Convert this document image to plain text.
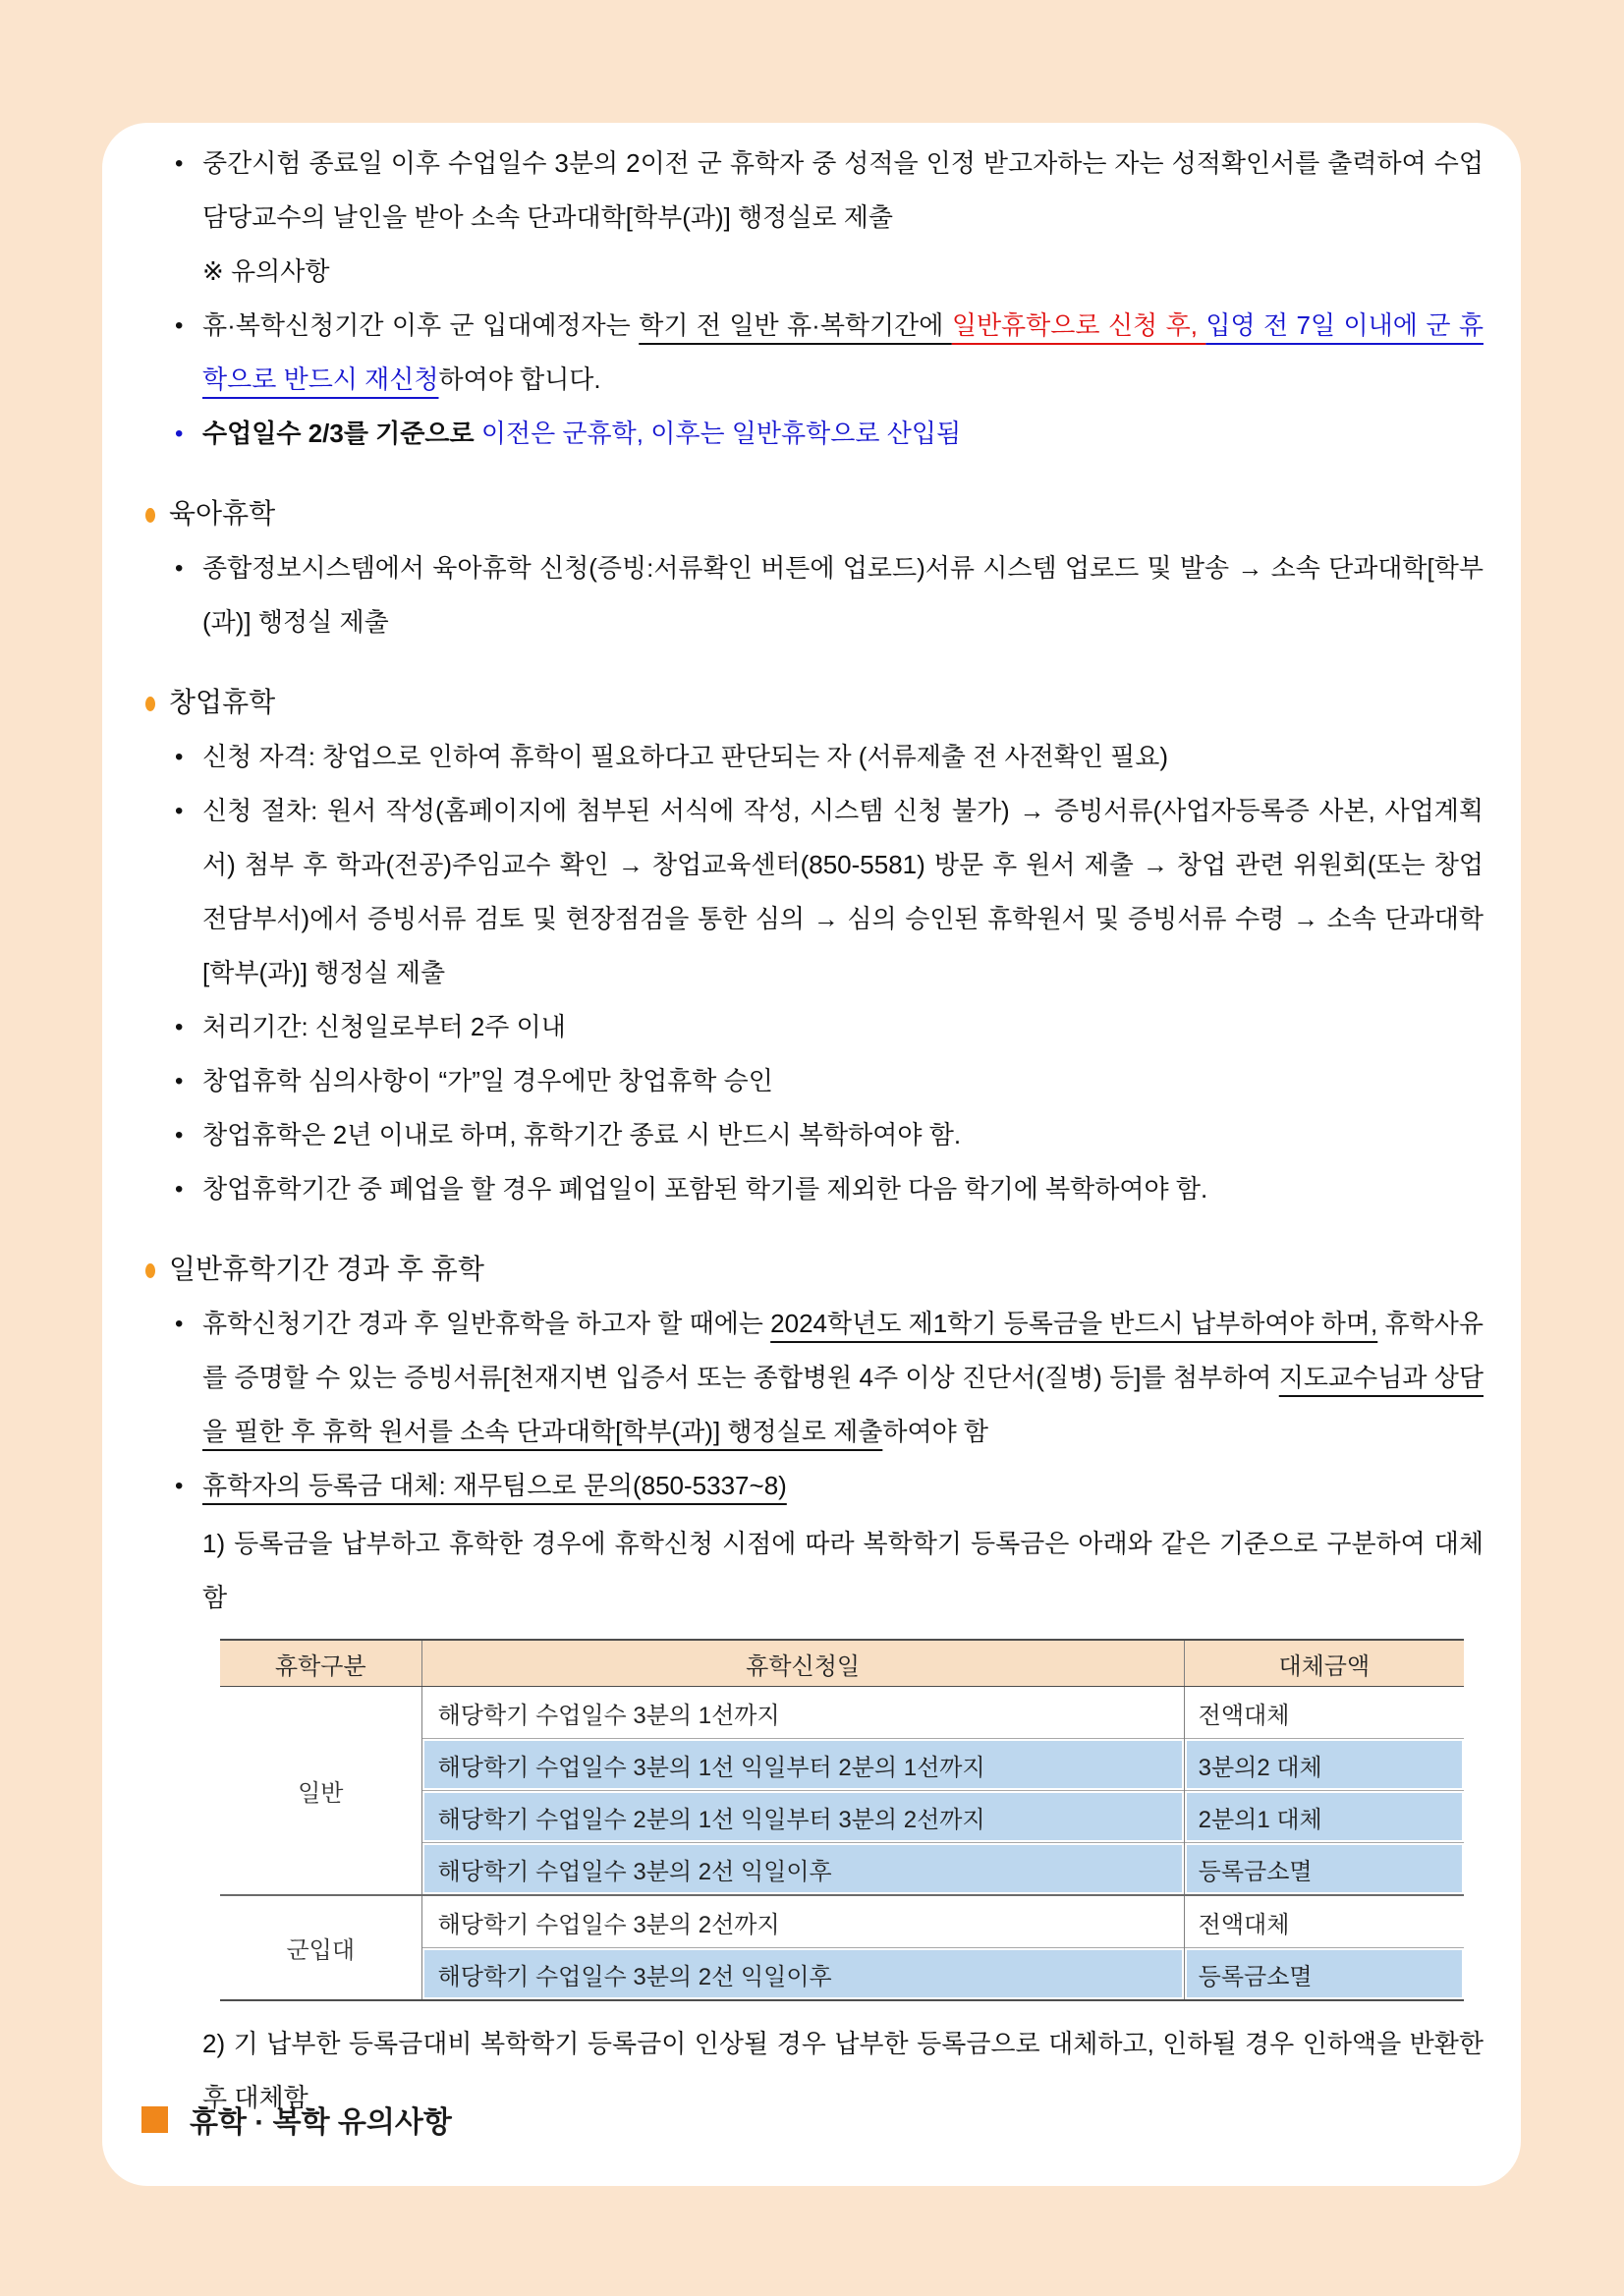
• 중간시험 종료일 이후 수업일수 3분의 2이전 군 휴학자 중 성적을 인정 받고자하는 자는 성적확인서를 출력하여 수업담당교수의 날인을 받아 소속 단과대학[학부(과)] 행정실로 제출
※ 유의사항
• 휴·복학신청기간 이후 군 입대예정자는 학기 전 일반 휴·복학기간에 일반휴학으로 신청 후, 입영 전 7일 이내에 군 휴학으로 반드시 재신청하여야 합니다.
• 수업일수 2/3를 기준으로 이전은 군휴학, 이후는 일반휴학으로 산입됨
육아휴학
• 종합정보시스템에서 육아휴학 신청(증빙:서류확인 버튼에 업로드)서류 시스템 업로드 및 발송 → 소속 단과대학[학부(과)] 행정실 제출
창업휴학
• 신청 자격: 창업으로 인하여 휴학이 필요하다고 판단되는 자 (서류제출 전 사전확인 필요)
• 신청 절차: 원서 작성(홈페이지에 첨부된 서식에 작성, 시스템 신청 불가) → 증빙서류(사업자등록증 사본, 사업계획서) 첨부 후 학과(전공)주임교수 확인 → 창업교육센터(850-5581) 방문 후 원서 제출 → 창업 관련 위원회(또는 창업 전담부서)에서 증빙서류 검토 및 현장점검을 통한 심의 → 심의 승인된 휴학원서 및 증빙서류 수령 → 소속 단과대학[학부(과)] 행정실 제출
• 처리기간: 신청일로부터 2주 이내
• 창업휴학 심의사항이 “가”일 경우에만 창업휴학 승인
• 창업휴학은 2년 이내로 하며, 휴학기간 종료 시 반드시 복학하여야 함.
• 창업휴학기간 중 폐업을 할 경우 폐업일이 포함된 학기를 제외한 다음 학기에 복학하여야 함.
일반휴학기간 경과 후 휴학
• 휴학신청기간 경과 후 일반휴학을 하고자 할 때에는 2024학년도 제1학기 등록금을 반드시 납부하여야 하며, 휴학사유를 증명할 수 있는 증빙서류[천재지변 입증서 또는 종합병원 4주 이상 진단서(질병) 등]를 첨부하여 지도교수님과 상담을 필한 후 휴학 원서를 소속 단과대학[학부(과)] 행정실로 제출하여야 함
• 휴학자의 등록금 대체: 재무팀으로 문의(850-5337~8)
1) 등록금을 납부하고 휴학한 경우에 휴학신청 시점에 따라 복학학기 등록금은 아래와 같은 기준으로 구분하여 대체함
휴학구분	휴학신청일	대체금액
일반	해당학기 수업일수 3분의 1선까지	전액대체
	해당학기 수업일수 3분의 1선 익일부터 2분의 1선까지	3분의2 대체
	해당학기 수업일수 2분의 1선 익일부터 3분의 2선까지	2분의1 대체
	해당학기 수업일수 3분의 2선 익일이후	등록금소멸
군입대	해당학기 수업일수 3분의 2선까지	전액대체
	해당학기 수업일수 3분의 2선 익일이후	등록금소멸
2) 기 납부한 등록금대비 복학학기 등록금이 인상될 경우 납부한 등록금으로 대체하고, 인하될 경우 인하액을 반환한 후 대체함
휴학 · 복학 유의사항
